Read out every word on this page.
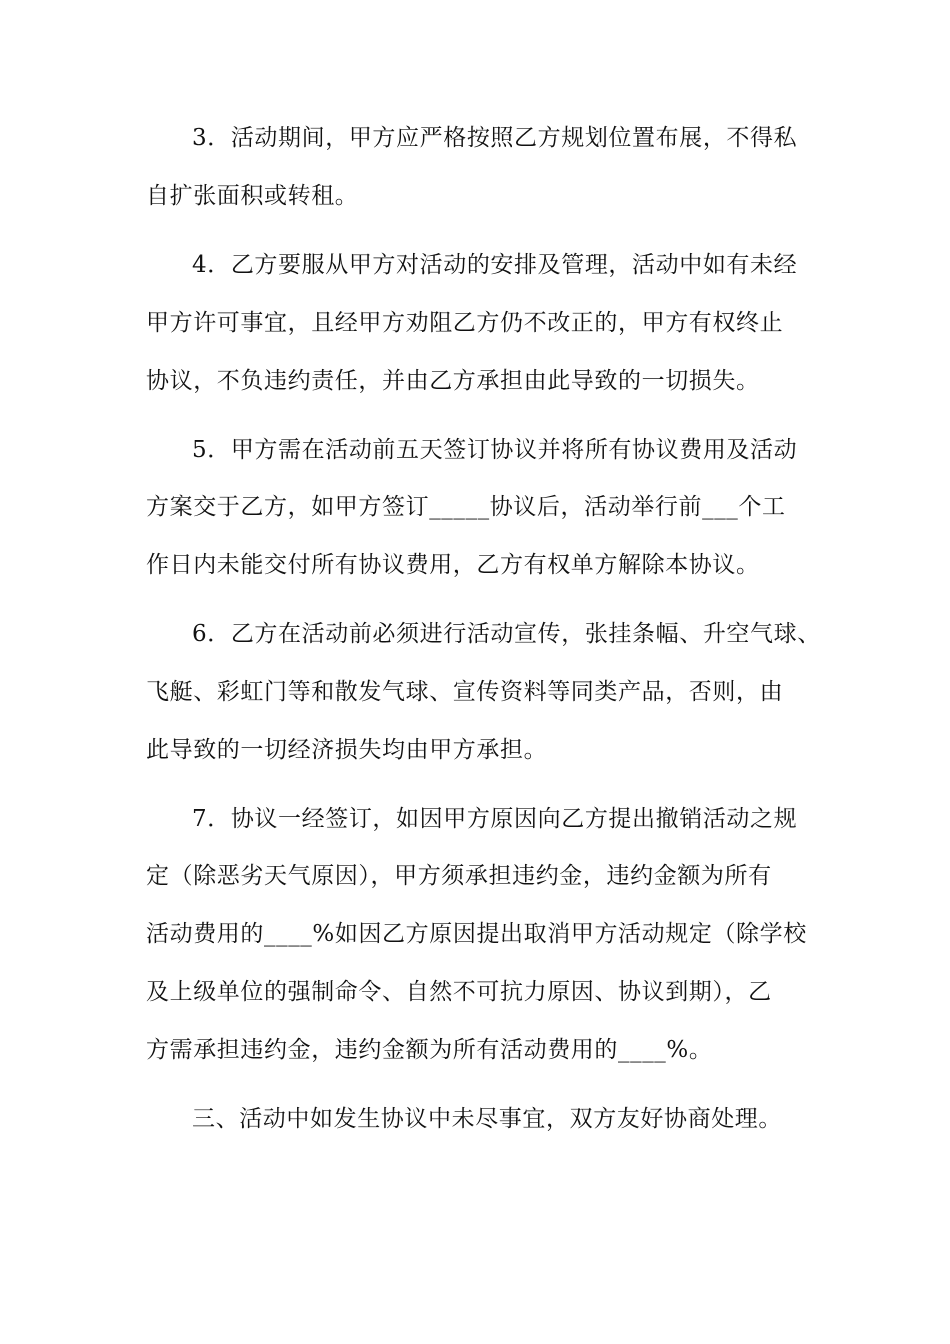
3．活动期间，甲方应严格按照乙方规划位置布展，不得私
自扩张面积或转租。
4．乙方要服从甲方对活动的安排及管理，活动中如有未经
甲方许可事宜，且经甲方劝阻乙方仍不改正的，甲方有权终止
协议，不负违约责任，并由乙方承担由此导致的一切损失。
5．甲方需在活动前五天签订协议并将所有协议费用及活动
方案交于乙方，如甲方签订_____协议后，活动举行前___个工
作日内未能交付所有协议费用，乙方有权单方解除本协议。
6．乙方在活动前必须进行活动宣传，张挂条幅、升空气球、
飞艇、彩虹门等和散发气球、宣传资料等同类产品，否则，由
此导致的一切经济损失均由甲方承担。
7．协议一经签订，如因甲方原因向乙方提出撤销活动之规
定（除恶劣天气原因），甲方须承担违约金，违约金额为所有
活动费用的____%如因乙方原因提出取消甲方活动规定（除学校
及上级单位的强制命令、自然不可抗力原因、协议到期），乙
方需承担违约金，违约金额为所有活动费用的____%。
三、活动中如发生协议中未尽事宜，双方友好协商处理。
